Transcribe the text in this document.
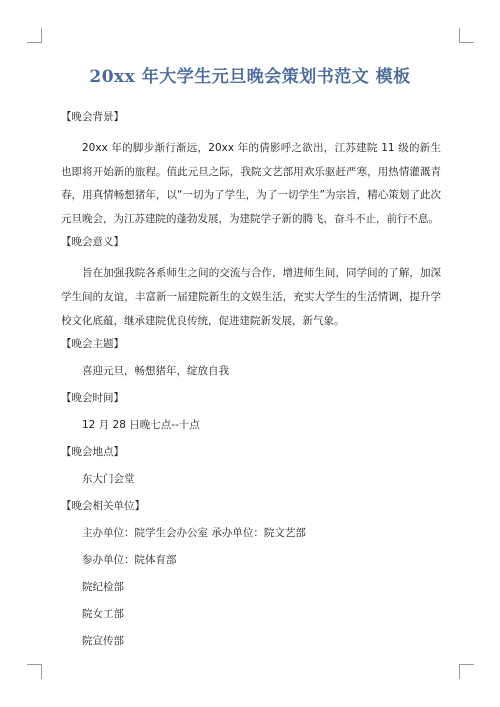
20xx 年大学生元旦晚会策划书范文 模板
【晚会背景】

20xx 年的脚步渐行渐远，20xx 年的倩影呼之欲出，江苏建院 11 级的新生也即将开始新的旅程。值此元旦之际，我院文艺部用欢乐驱赶严寒，用热情灌溉青春，用真情畅想猪年，以“一切为了学生，为了一切学生”为宗旨，精心策划了此次元旦晚会，为江苏建院的蓬勃发展，为建院学子新的腾飞，奋斗不止，前行不息。

【晚会意义】

旨在加强我院各系师生之间的交流与合作，增进师生间，同学间的了解，加深学生间的友谊，丰富新一届建院新生的文娱生活，充实大学生的生活情调，提升学校文化底蕴，继承建院优良传统，促进建院新发展，新气象。

【晚会主题】
喜迎元旦，畅想猪年，绽放自我
【晚会时间】
12 月 28 日晚七点--十点
【晚会地点】
东大门会堂
【晚会相关单位】
主办单位：院学生会办公室 承办单位：院文艺部
参办单位：院体育部
院纪检部
院女工部
院宣传部
